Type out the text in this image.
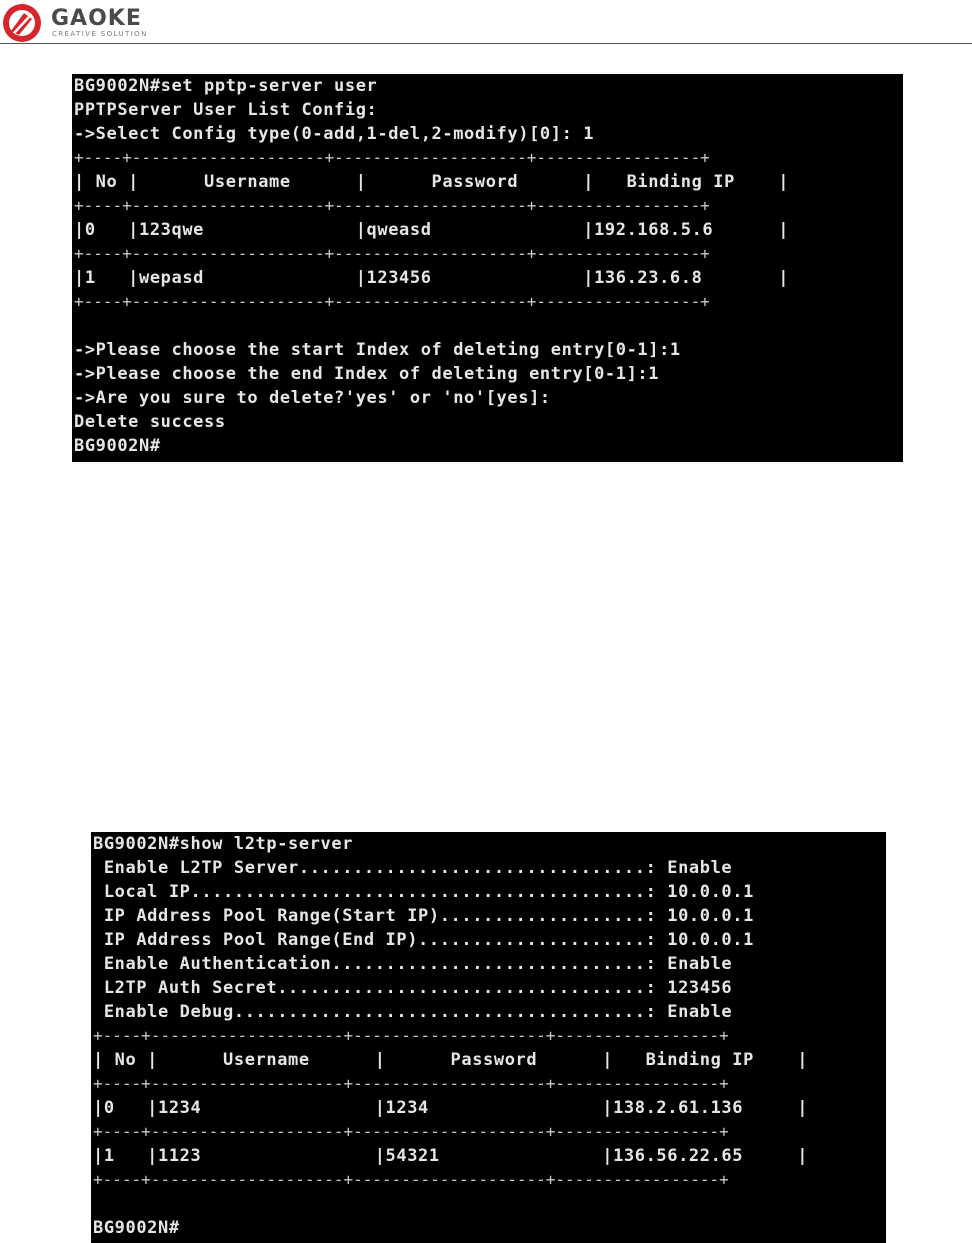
GAOKE
CREATIVE SOLUTION
BG9002N#set pptp-server user
PPTPServer User List Config:
->Select Config type(0-add,1-del,2-modify)[0]: 1
+----+--------------------+--------------------+-----------------+
| No |      Username      |      Password      |   Binding IP    |
+----+--------------------+--------------------+-----------------+
|0   |123qwe              |qweasd              |192.168.5.6      |
+----+--------------------+--------------------+-----------------+
|1   |wepasd              |123456              |136.23.6.8       |
+----+--------------------+--------------------+-----------------+

->Please choose the start Index of deleting entry[0-1]:1
->Please choose the end Index of deleting entry[0-1]:1
->Are you sure to delete?'yes' or 'no'[yes]:
Delete success
BG9002N#
BG9002N#show l2tp-server
Enable L2TP Server................................: Enable
Local IP..........................................: 10.0.0.1
IP Address Pool Range(Start IP)...................: 10.0.0.1
IP Address Pool Range(End IP).....................: 10.0.0.1
Enable Authentication.............................: Enable
L2TP Auth Secret..................................: 123456
Enable Debug......................................: Enable
+----+--------------------+--------------------+-----------------+
| No |      Username      |      Password      |   Binding IP    |
+----+--------------------+--------------------+-----------------+
|0   |1234                |1234                |138.2.61.136     |
+----+--------------------+--------------------+-----------------+
|1   |1123                |54321               |136.56.22.65     |
+----+--------------------+--------------------+-----------------+

BG9002N#
